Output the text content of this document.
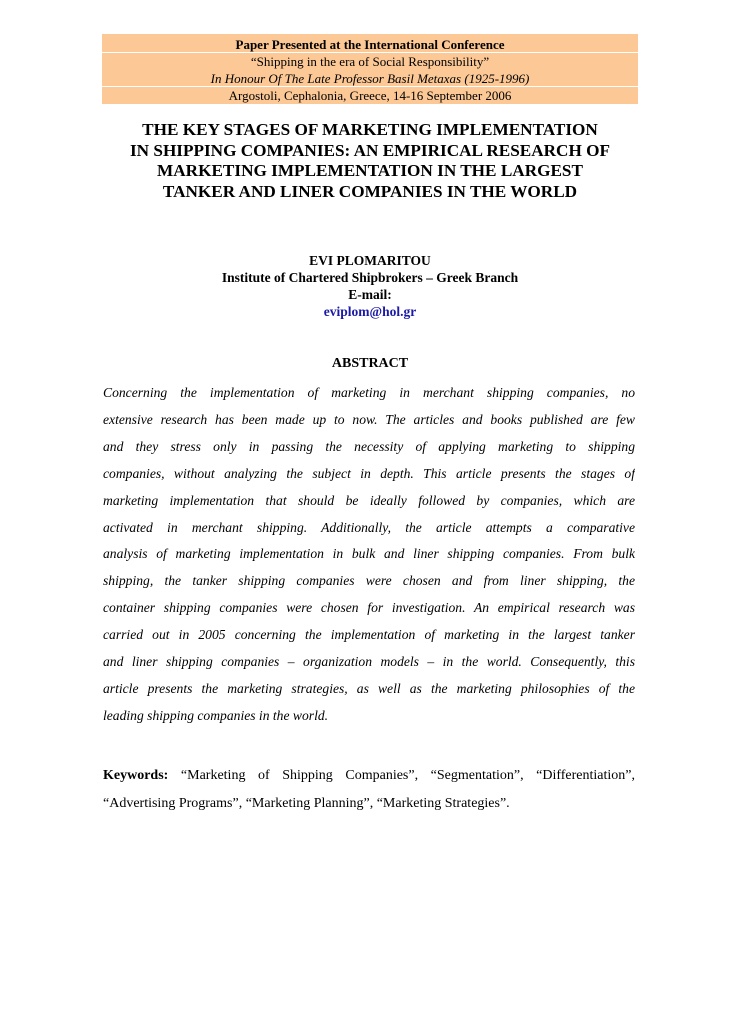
Paper Presented at the International Conference
“Shipping in the era of Social Responsibility”
In Honour Of The Late Professor Basil Metaxas (1925-1996)
Argostoli, Cephalonia, Greece, 14-16 September 2006
THE KEY STAGES OF MARKETING IMPLEMENTATION
IN SHIPPING COMPANIES: AN EMPIRICAL RESEARCH OF
MARKETING IMPLEMENTATION IN THE LARGEST
TANKER AND LINER COMPANIES IN THE WORLD
EVI PLOMARITOU
Institute of Chartered Shipbrokers – Greek Branch
E-mail:
eviplom@hol.gr
ABSTRACT
Concerning the implementation of marketing in merchant shipping companies, no
extensive research has been made up to now. The articles and books published are few
and they stress only in passing the necessity of applying marketing to shipping
companies, without analyzing the subject in depth. This article presents the stages of
marketing implementation that should be ideally followed by companies, which are
activated in merchant shipping. Additionally, the article attempts a comparative
analysis of marketing implementation in bulk and liner shipping companies. From bulk
shipping, the tanker shipping companies were chosen and from liner shipping, the
container shipping companies were chosen for investigation. An empirical research was
carried out in 2005 concerning the implementation of marketing in the largest tanker
and liner shipping companies – organization models – in the world. Consequently, this
article presents the marketing strategies, as well as the marketing philosophies of the
leading shipping companies in the world.
Keywords: “Marketing of Shipping Companies”, “Segmentation”, “Differentiation”,
“Advertising Programs”, “Marketing Planning”, “Marketing Strategies”.
